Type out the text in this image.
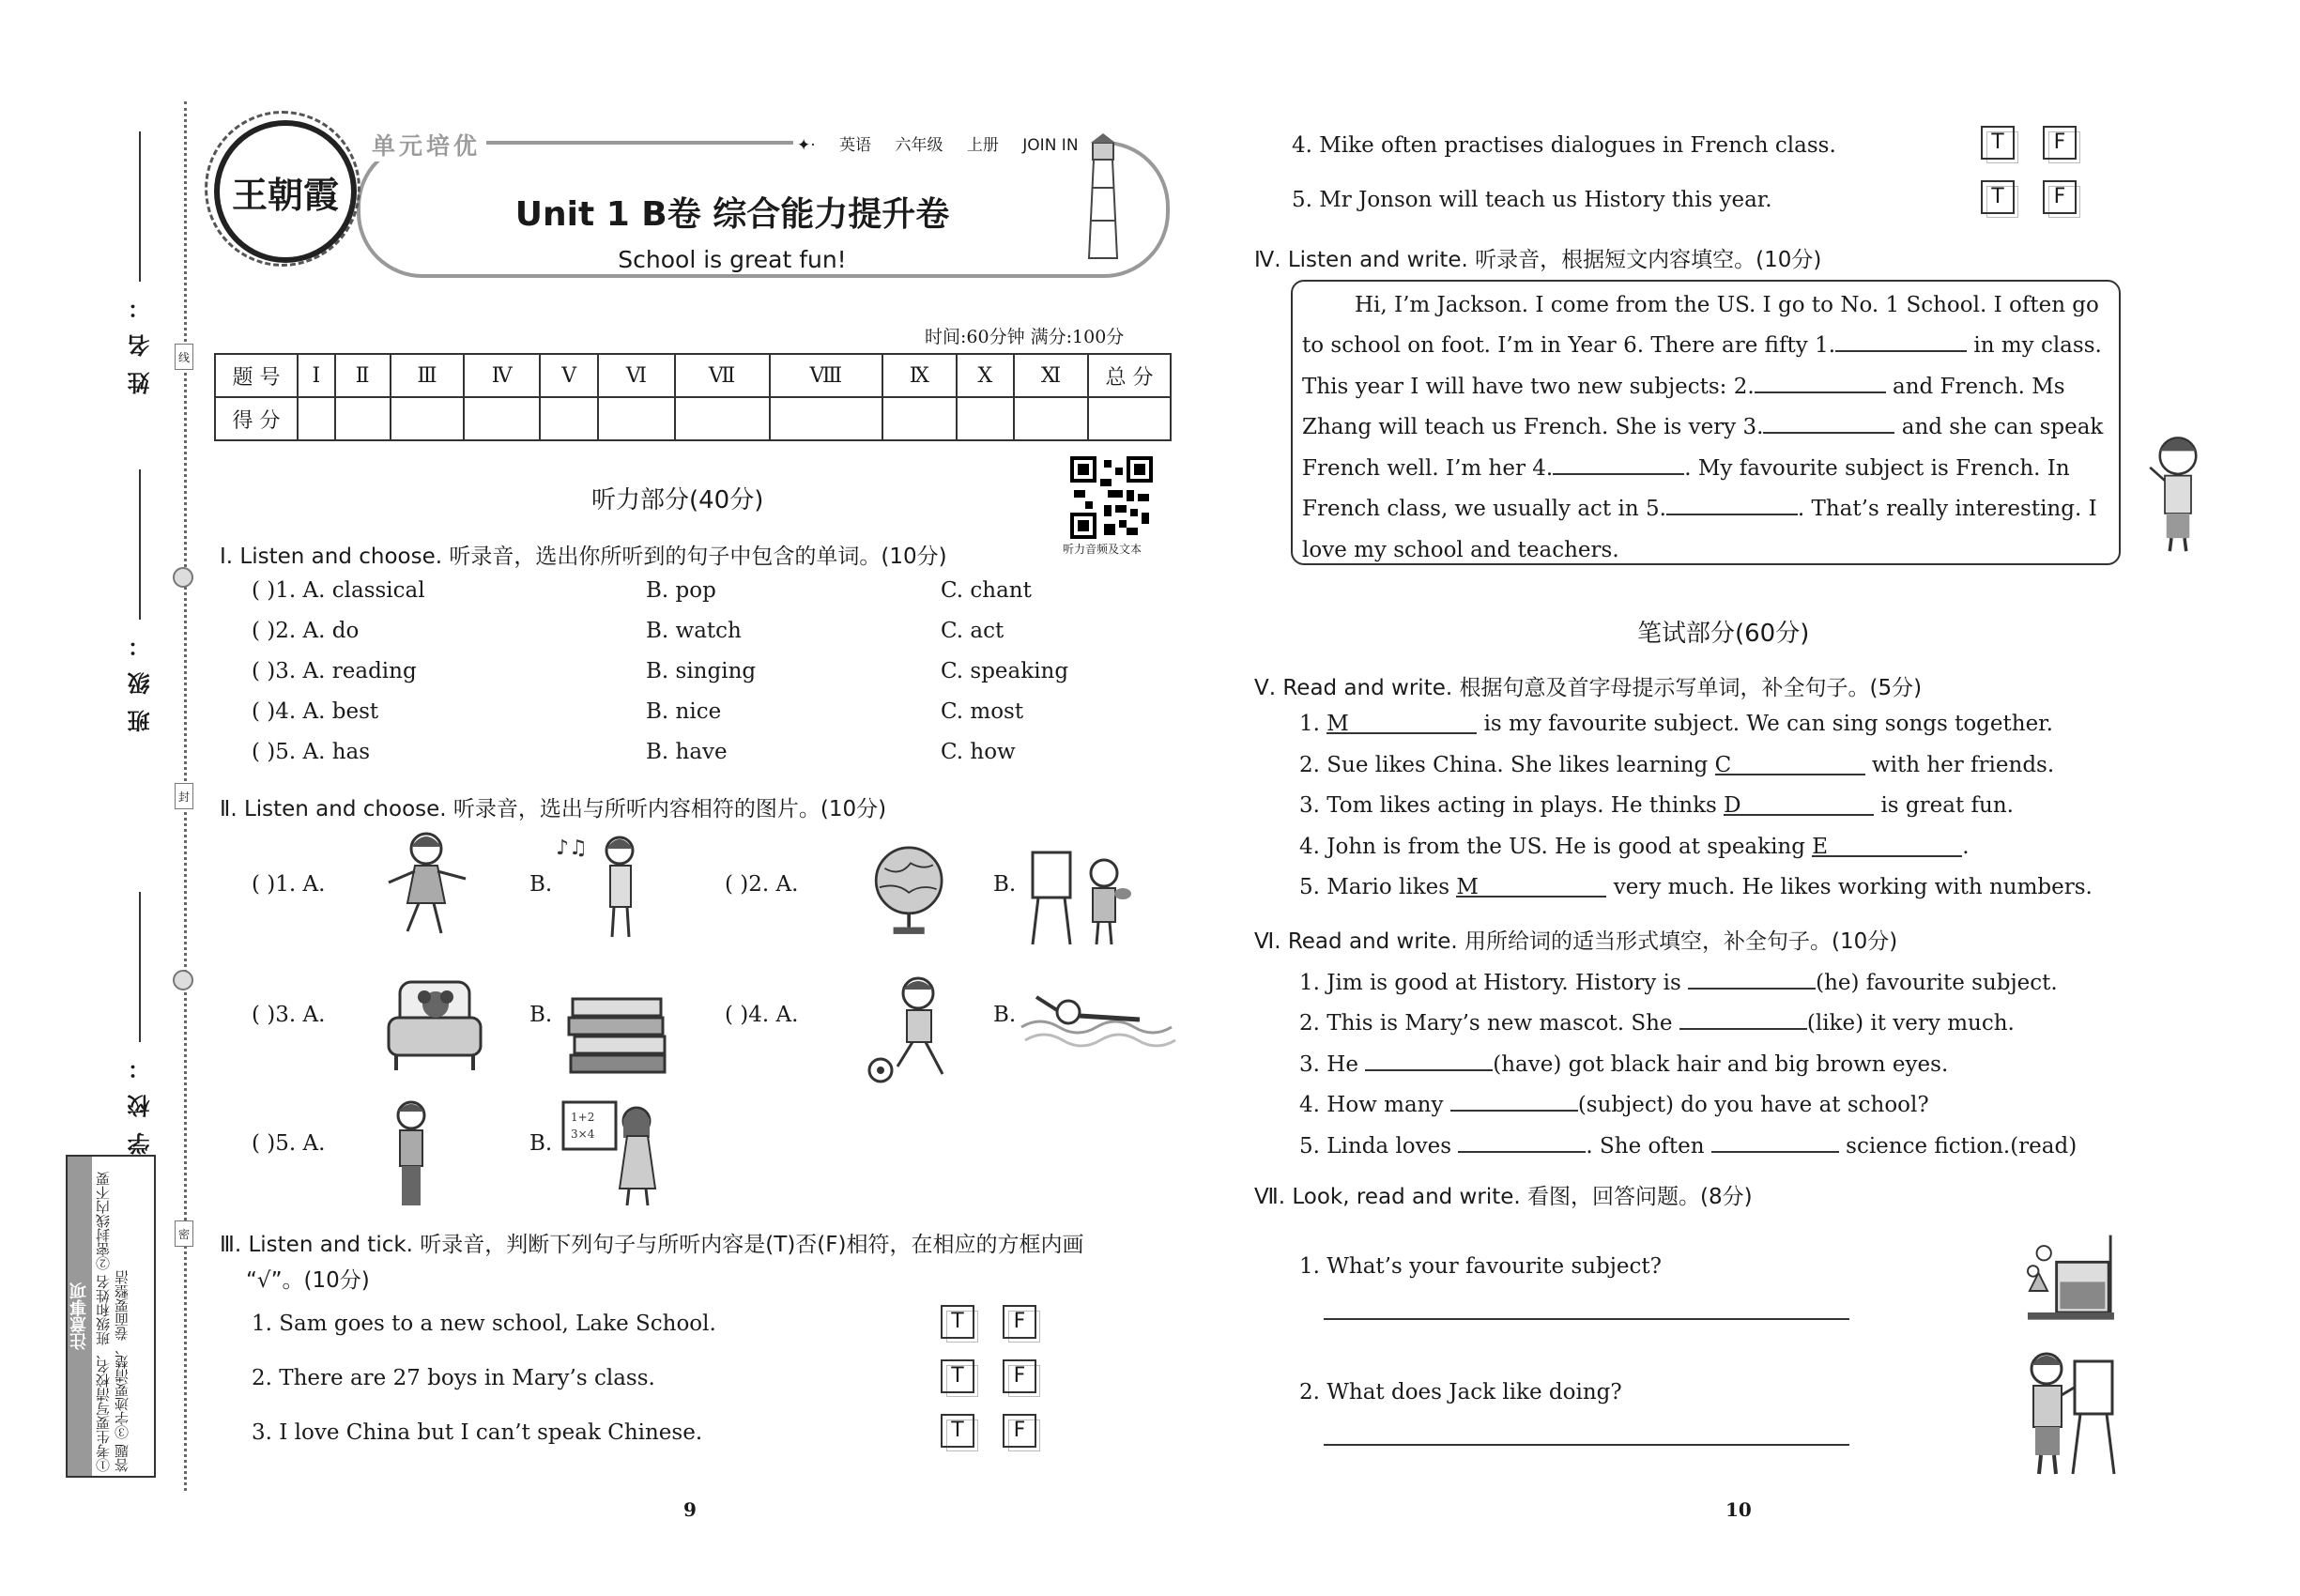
姓名：
班级：
学校：
线
封
密
注意事项 ①考生要写清校名、班级和姓名 ②密封线内不要答题 ③字迹要清楚、卷面要整洁
王朝霞
单元培优	✦· 英语 六年级 上册 JOIN IN
Unit 1 B卷 综合能力提升卷
School is great fun!
时间:60分钟 满分:100分
题 号	Ⅰ	Ⅱ	Ⅲ	Ⅳ	Ⅴ	Ⅵ	Ⅶ	Ⅷ	Ⅸ	Ⅹ	Ⅺ	总 分
得 分												
听力部分(40分)
听力音频及文本
Ⅰ. Listen and choose. 听录音，选出你所听到的句子中包含的单词。(10分)
( )1. A. classical	B. pop	C. chant
( )2. A. do	B. watch	C. act
( )3. A. reading	B. singing	C. speaking
( )4. A. best	B. nice	C. most
( )5. A. has	B. have	C. how
Ⅱ. Listen and choose. 听录音，选出与所听内容相符的图片。(10分)
( )1. A.	B.
♪♫
( )2. A.	B.
( )3. A.	B.	( )4. A.	B.
( )5. A.	B.
1+2
3×4
Ⅲ. Listen and tick. 听录音，判断下列句子与所听内容是(T)否(F)相符，在相应的方框内画
“√”。(10分)
1. Sam goes to a new school, Lake School.	T	F
2. There are 27 boys in Mary’s class.	T	F
3. I love China but I can’t speak Chinese.	T	F
9
4. Mike often practises dialogues in French class.	T	F
5. Mr Jonson will teach us History this year.	T	F
Ⅳ. Listen and write. 听录音，根据短文内容填空。(10分)

Hi, I’m Jackson. I come from the US. I go to No. 1 School. I often go

to school on foot. I’m in Year 6. There are fifty 1.	in my class.

This year I will have two new subjects: 2.	and French. Ms

Zhang will teach us French. She is very 3.	and she can speak

French well. I’m her 4.	. My favourite subject is French. In

French class, we usually act in 5.	. That’s really interesting. I

love my school and teachers.

笔试部分(60分)
Ⅴ. Read and write. 根据句意及首字母提示写单词，补全句子。(5分)
1. M	is my favourite subject. We can sing songs together.
2. Sue likes China. She likes learning C	with her friends.
3. Tom likes acting in plays. He thinks D	is great fun.
4. John is from the US. He is good at speaking E	.
5. Mario likes M	very much. He likes working with numbers.
Ⅵ. Read and write. 用所给词的适当形式填空，补全句子。(10分)
1. Jim is good at History. History is	(he) favourite subject.
2. This is Mary’s new mascot. She	(like) it very much.
3. He	(have) got black hair and big brown eyes.
4. How many	(subject) do you have at school?
5. Linda loves	. She often	science fiction.(read)
Ⅶ. Look, read and write. 看图，回答问题。(8分)
1. What’s your favourite subject?
2. What does Jack like doing?
10
